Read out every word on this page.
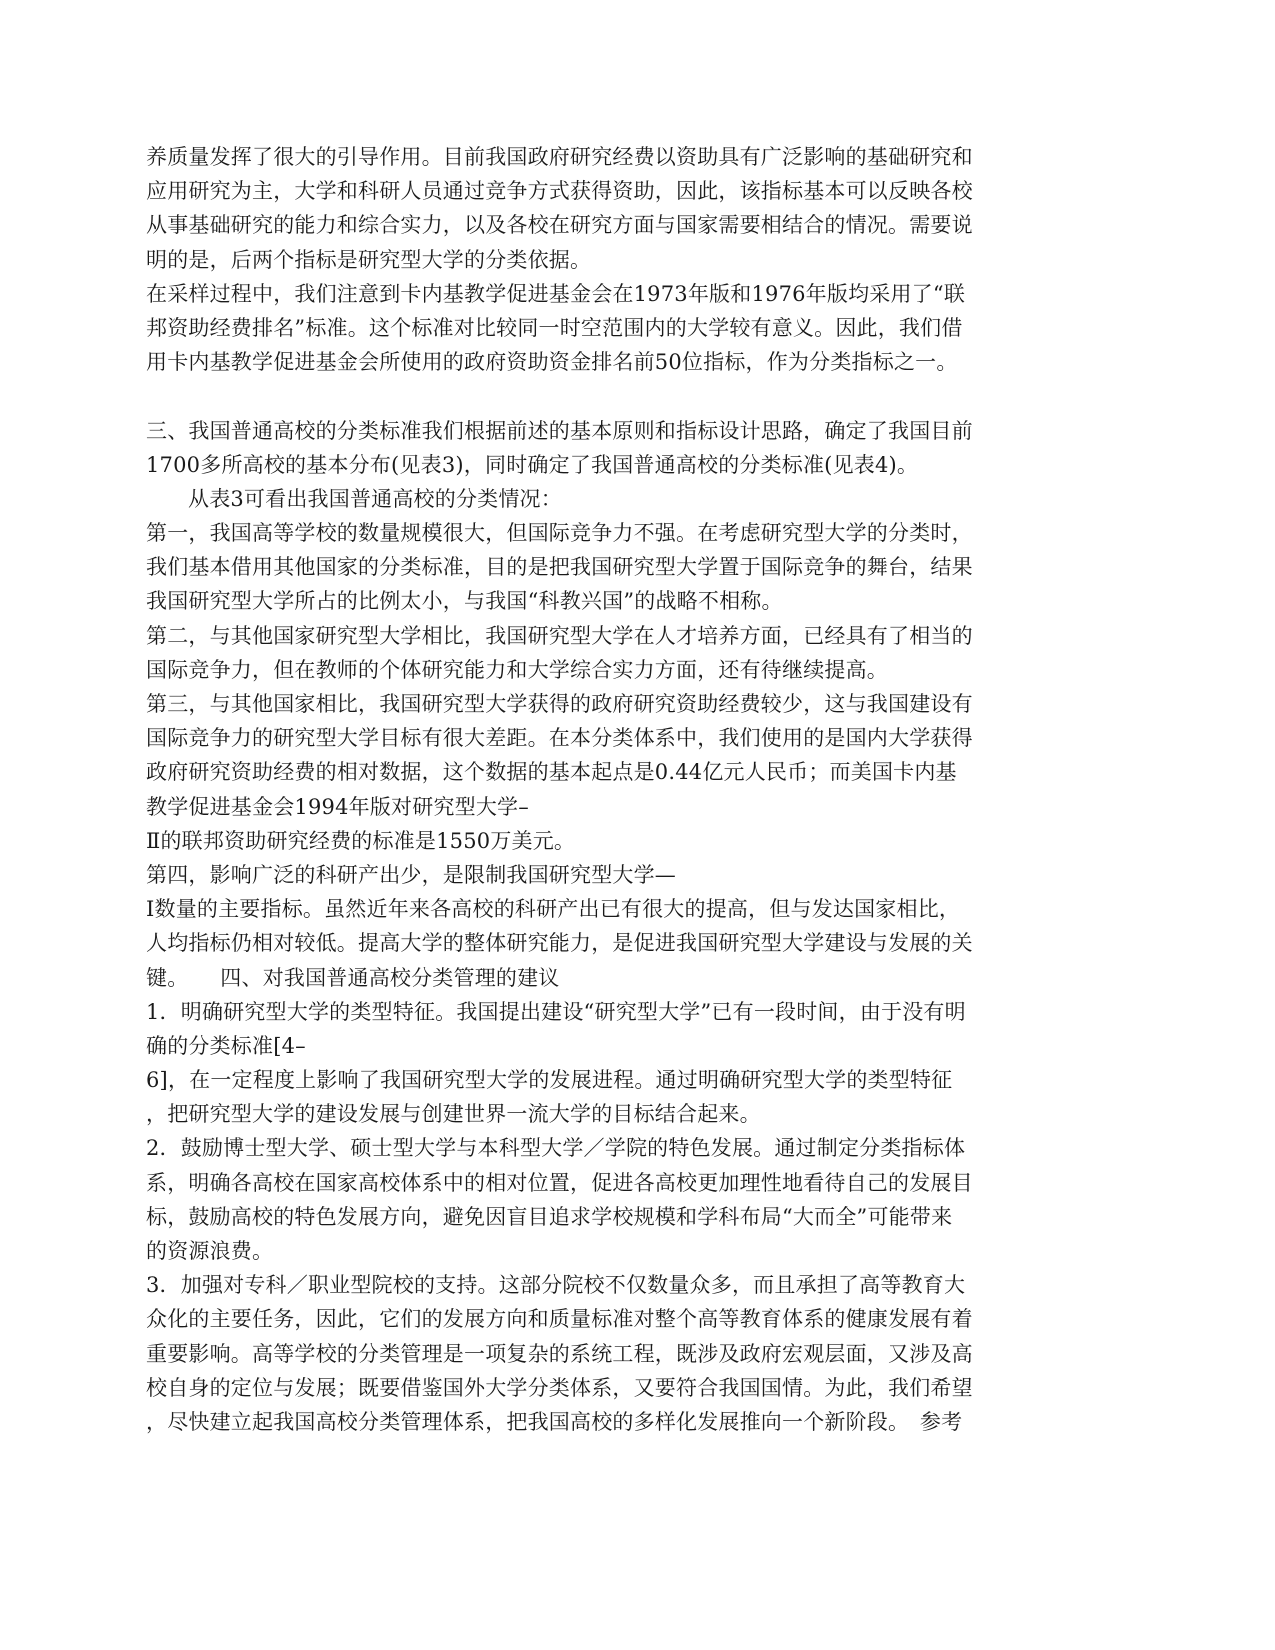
养质量发挥了很大的引导作用。目前我国政府研究经费以资助具有广泛影响的基础研究和
应用研究为主，大学和科研人员通过竞争方式获得资助，因此，该指标基本可以反映各校
从事基础研究的能力和综合实力，以及各校在研究方面与国家需要相结合的情况。需要说
明的是，后两个指标是研究型大学的分类依据。
在采样过程中，我们注意到卡内基教学促进基金会在1973年版和1976年版均采用了“联
邦资助经费排名”标准。这个标准对比较同一时空范围内的大学较有意义。因此，我们借
用卡内基教学促进基金会所使用的政府资助资金排名前50位指标，作为分类指标之一。
三、我国普通高校的分类标准我们根据前述的基本原则和指标设计思路，确定了我国目前
1700多所高校的基本分布(见表3)，同时确定了我国普通高校的分类标准(见表4)。
从表3可看出我国普通高校的分类情况：
第一，我国高等学校的数量规模很大，但国际竞争力不强。在考虑研究型大学的分类时，
我们基本借用其他国家的分类标准，目的是把我国研究型大学置于国际竞争的舞台，结果
我国研究型大学所占的比例太小，与我国“科教兴国”的战略不相称。
第二，与其他国家研究型大学相比，我国研究型大学在人才培养方面，已经具有了相当的
国际竞争力，但在教师的个体研究能力和大学综合实力方面，还有待继续提高。
第三，与其他国家相比，我国研究型大学获得的政府研究资助经费较少，这与我国建设有
国际竞争力的研究型大学目标有很大差距。在本分类体系中，我们使用的是国内大学获得
政府研究资助经费的相对数据，这个数据的基本起点是0.44亿元人民币；而美国卡内基
教学促进基金会1994年版对研究型大学–
Ⅱ的联邦资助研究经费的标准是1550万美元。
第四，影响广泛的科研产出少，是限制我国研究型大学—
I数量的主要指标。虽然近年来各高校的科研产出已有很大的提高，但与发达国家相比，
人均指标仍相对较低。提高大学的整体研究能力，是促进我国研究型大学建设与发展的关
键。　　四、对我国普通高校分类管理的建议
1．明确研究型大学的类型特征。我国提出建设“研究型大学”已有一段时间，由于没有明
确的分类标准[4–
6]，在一定程度上影响了我国研究型大学的发展进程。通过明确研究型大学的类型特征
，把研究型大学的建设发展与创建世界一流大学的目标结合起来。
2．鼓励博士型大学、硕士型大学与本科型大学／学院的特色发展。通过制定分类指标体
系，明确各高校在国家高校体系中的相对位置，促进各高校更加理性地看待自己的发展目
标，鼓励高校的特色发展方向，避免因盲目追求学校规模和学科布局“大而全”可能带来
的资源浪费。
3．加强对专科／职业型院校的支持。这部分院校不仅数量众多，而且承担了高等教育大
众化的主要任务，因此，它们的发展方向和质量标准对整个高等教育体系的健康发展有着
重要影响。高等学校的分类管理是一项复杂的系统工程，既涉及政府宏观层面，又涉及高
校自身的定位与发展；既要借鉴国外大学分类体系，又要符合我国国情。为此，我们希望
，尽快建立起我国高校分类管理体系，把我国高校的多样化发展推向一个新阶段。　参考
